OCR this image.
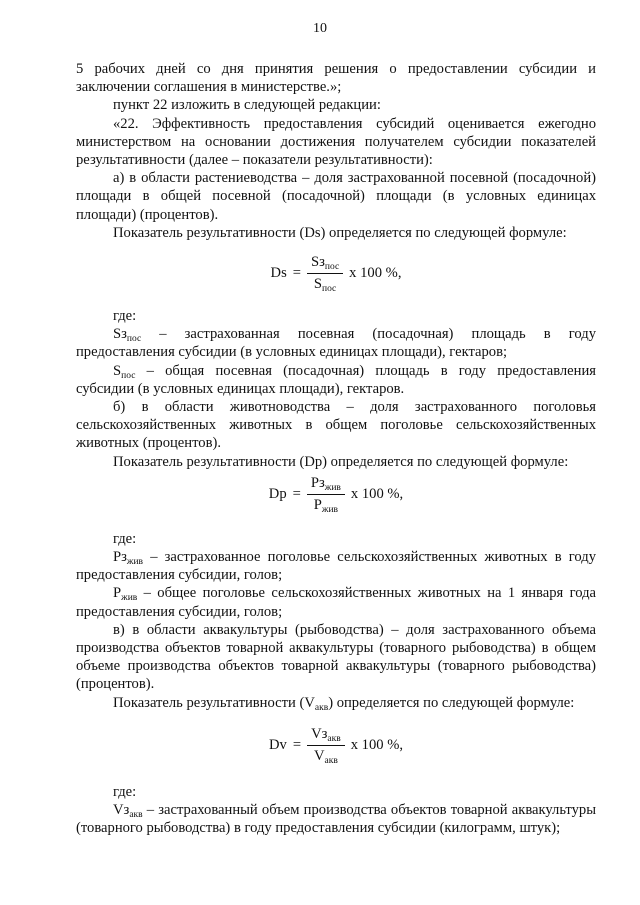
10

5 рабочих дней со дня принятия решения о предоставлении субсидии и заключении соглашения в министерстве.»;

пункт 22 изложить в следующей редакции:

«22. Эффективность предоставления субсидий оценивается ежегодно министерством на основании достижения получателем субсидии показателей результативности (далее – показатели результативности):

а) в области растениеводства – доля застрахованной посевной (посадочной) площади в общей посевной (посадочной) площади (в условных единицах площади) (процентов).

Показатель результативности (Ds) определяется по следующей формуле:

$Ds = \frac{Sз_{пос}}{S_{пос}}$ x 100 %,

где:

$Sз_{пос}$ – застрахованная посевная (посадочная) площадь в году предоставления субсидии (в условных единицах площади), гектаров;

$S_{пос}$ – общая посевная (посадочная) площадь в году предоставления субсидии (в условных единицах площади), гектаров.

б) в области животноводства – доля застрахованного поголовья сельскохозяйственных животных в общем поголовье сельскохозяйственных животных (процентов).

Показатель результативности (Dp) определяется по следующей формуле:

$Dp = \frac{Рз_{жив}}{Р_{жив}}$ x 100 %,

где:

$Рз_{жив}$ – застрахованное поголовье сельскохозяйственных животных в году предоставления субсидии, голов;

$Р_{жив}$ – общее поголовье сельскохозяйственных животных на 1 января года предоставления субсидии, голов;

в) в области аквакультуры (рыбоводства) – доля застрахованного объема производства объектов товарной аквакультуры (товарного рыбоводства) в общем объеме производства объектов товарной аквакультуры (товарного рыбоводства) (процентов).

Показатель результативности $(V_{акв})$ определяется по следующей формуле:

$Dv = \frac{Vз_{акв}}{V_{акв}}$ x 100 %,

где:

$Vз_{акв}$ – застрахованный объем производства объектов товарной аквакультуры (товарного рыбоводства) в году предоставления субсидии (килограмм, штук);
